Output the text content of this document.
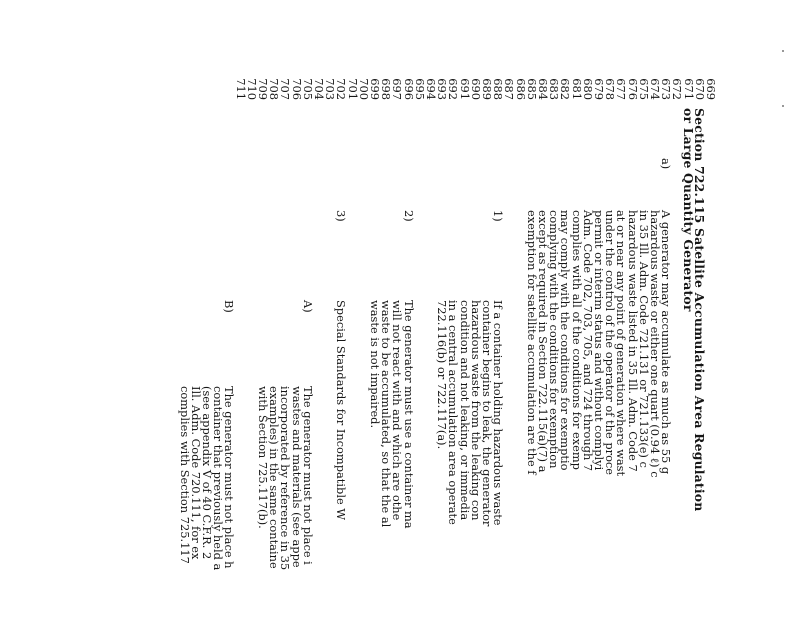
669
670
671
672
673
674
675
676
677
678
679
680
681
682
683
684
685
686
687
688
689
690
691
692
693
694
695
696
697
698
699
700
701
702
703
704
705
706
707
708
709
710
711
Section 722.115 Satellite Accumulation Area Regulation
or Large Quantity Generator
a)
A generator may accumulate as much as 55 g
hazardous waste or either one quart (0.94 ℓ) c
in 35 Ill. Adm. Code 721.131 or 721.133(e) c
hazardous waste listed in 35 Ill. Adm. Code 7
at or near any point of generation where wast
under the control of the operator of the proce
permit or interim status and without complyi
Adm. Code 702, 703, 705, and 724 through 7
complies with all of the conditions for exemp
may comply with the conditions for exemptio
complying with the conditions for exemption
except as required in Section 722.115(a)(7) a
exemption for satellite accumulation are the f
1)
If a container holding hazardous waste
container begins to leak, the generator
hazardous waste from the leaking con
condition and not leaking, or immedia
in a central accumulation area operate
722.116(b) or 722.117(a).
2)
The generator must use a container ma
will not react with and which are othe
waste to be accumulated, so that the al
waste is not impaired.
3)
Special Standards for Incompatible W
A)
The generator must not place i
wastes and materials (see appe
incorporated by reference in 35
examples) in the same containe
with Section 725.117(b).
B)
The generator must not place h
container that previously held a
(see appendix V of 40 C.F.R. 2
Ill. Adm. Code 720.111, for ex
complies with Section 725.117
